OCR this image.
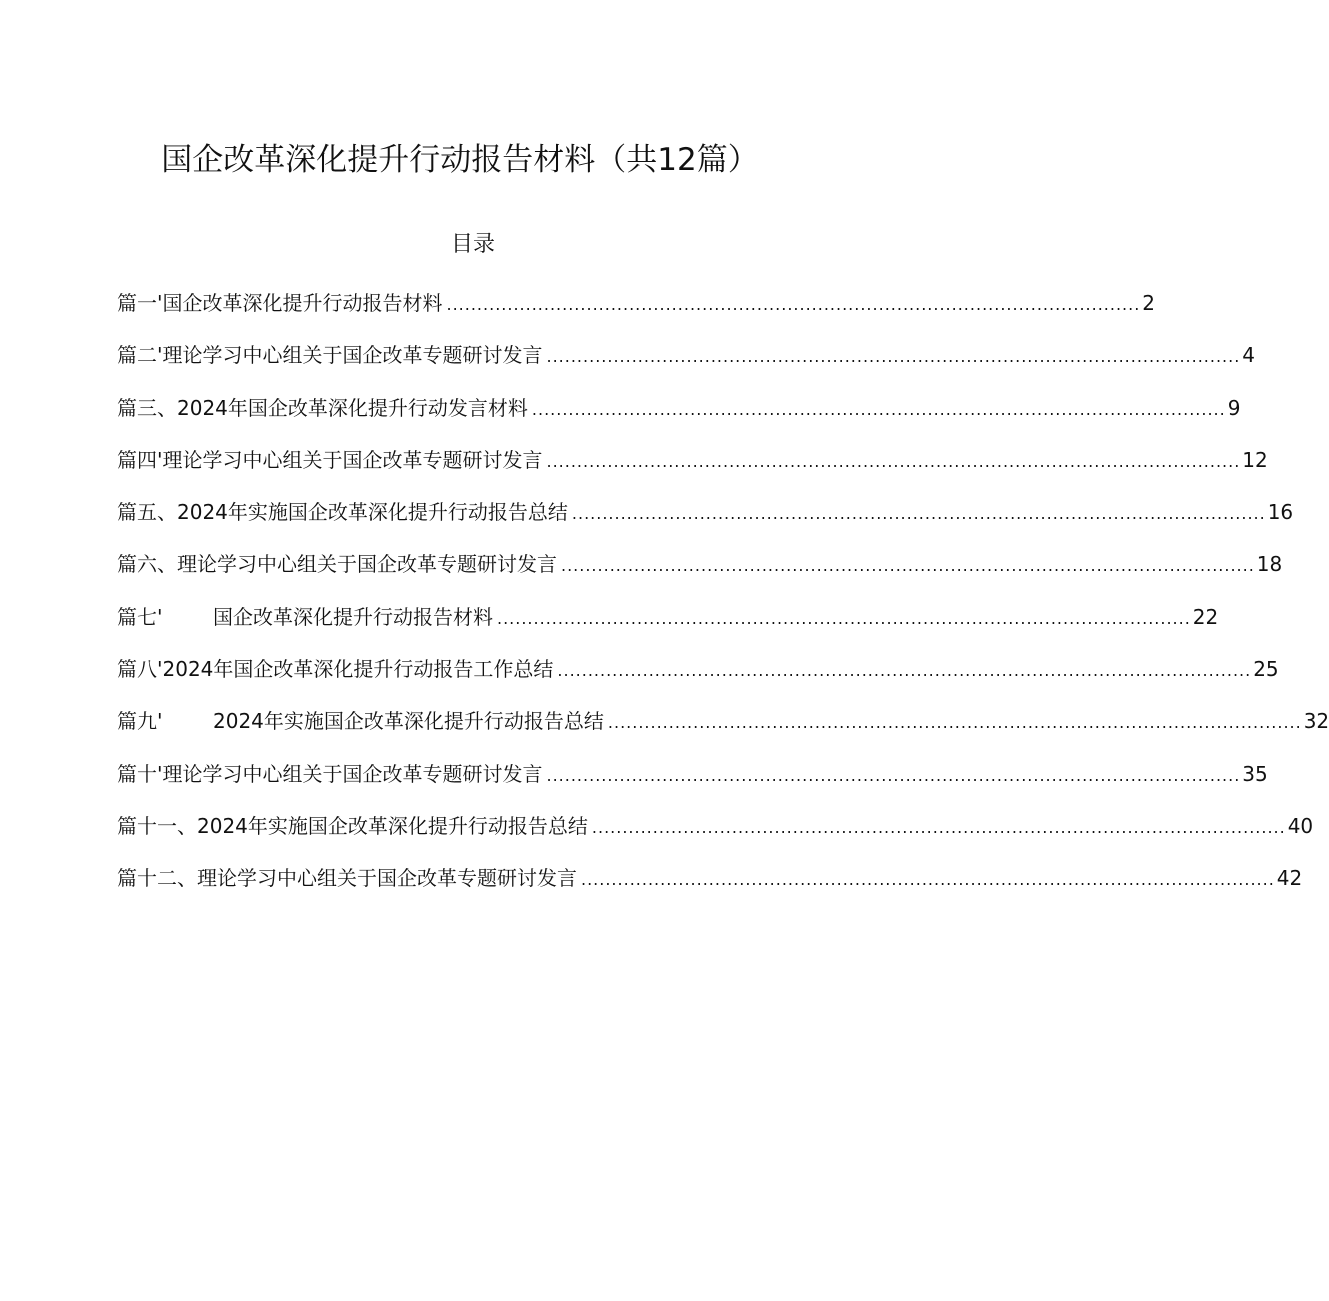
国企改革深化提升行动报告材料（共12篇）
目录
篇一' 国企改革深化提升行动报告材料 .................................................................................................................. 2
篇二' 理论学习中心组关于国企改革专题研讨发言 .................................................................................................................. 4
篇三、 2024年国企改革深化提升行动发言材料 .................................................................................................................. 9
篇四' 理论学习中心组关于国企改革专题研讨发言 .................................................................................................................. 12
篇五、 2024年实施国企改革深化提升行动报告总结 .................................................................................................................. 16
篇六、 理论学习中心组关于国企改革专题研讨发言 .................................................................................................................. 18
篇七'	国企改革深化提升行动报告材料 .................................................................................................................. 22
篇八' 2024年国企改革深化提升行动报告工作总结 .................................................................................................................. 25
篇九'	2024年实施国企改革深化提升行动报告总结 .................................................................................................................. 32
篇十' 理论学习中心组关于国企改革专题研讨发言 .................................................................................................................. 35
篇十一、 2024年实施国企改革深化提升行动报告总结 .................................................................................................................. 40
篇十二、 理论学习中心组关于国企改革专题研讨发言 .................................................................................................................. 42
